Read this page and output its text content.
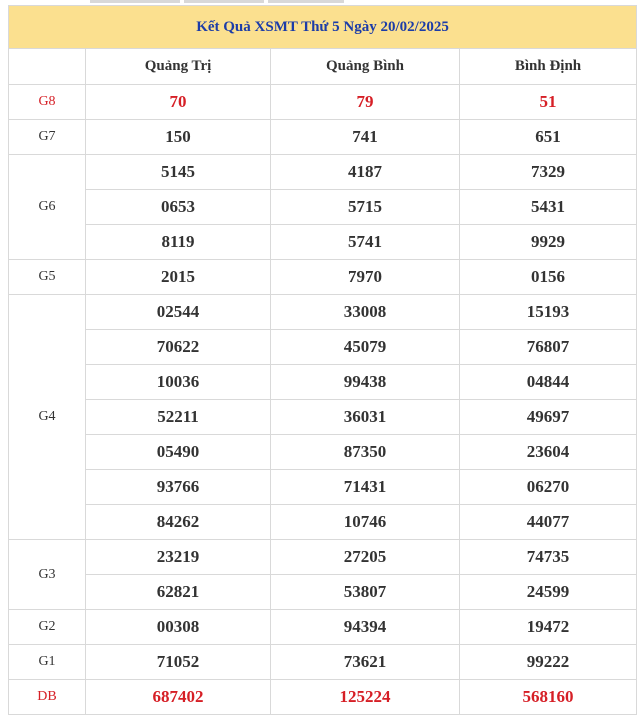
Kết Quả XSMT Thứ 5 Ngày 20/02/2025			
	Quảng Trị	Quảng Bình	Bình Định
G8	70	79	51
G7	150	741	651
G6	5145	4187	7329
	0653	5715	5431
	8119	5741	9929
G5	2015	7970	0156
G4	02544	33008	15193
	70622	45079	76807
	10036	99438	04844
	52211	36031	49697
	05490	87350	23604
	93766	71431	06270
	84262	10746	44077
G3	23219	27205	74735
	62821	53807	24599
G2	00308	94394	19472
G1	71052	73621	99222
DB	687402	125224	568160
